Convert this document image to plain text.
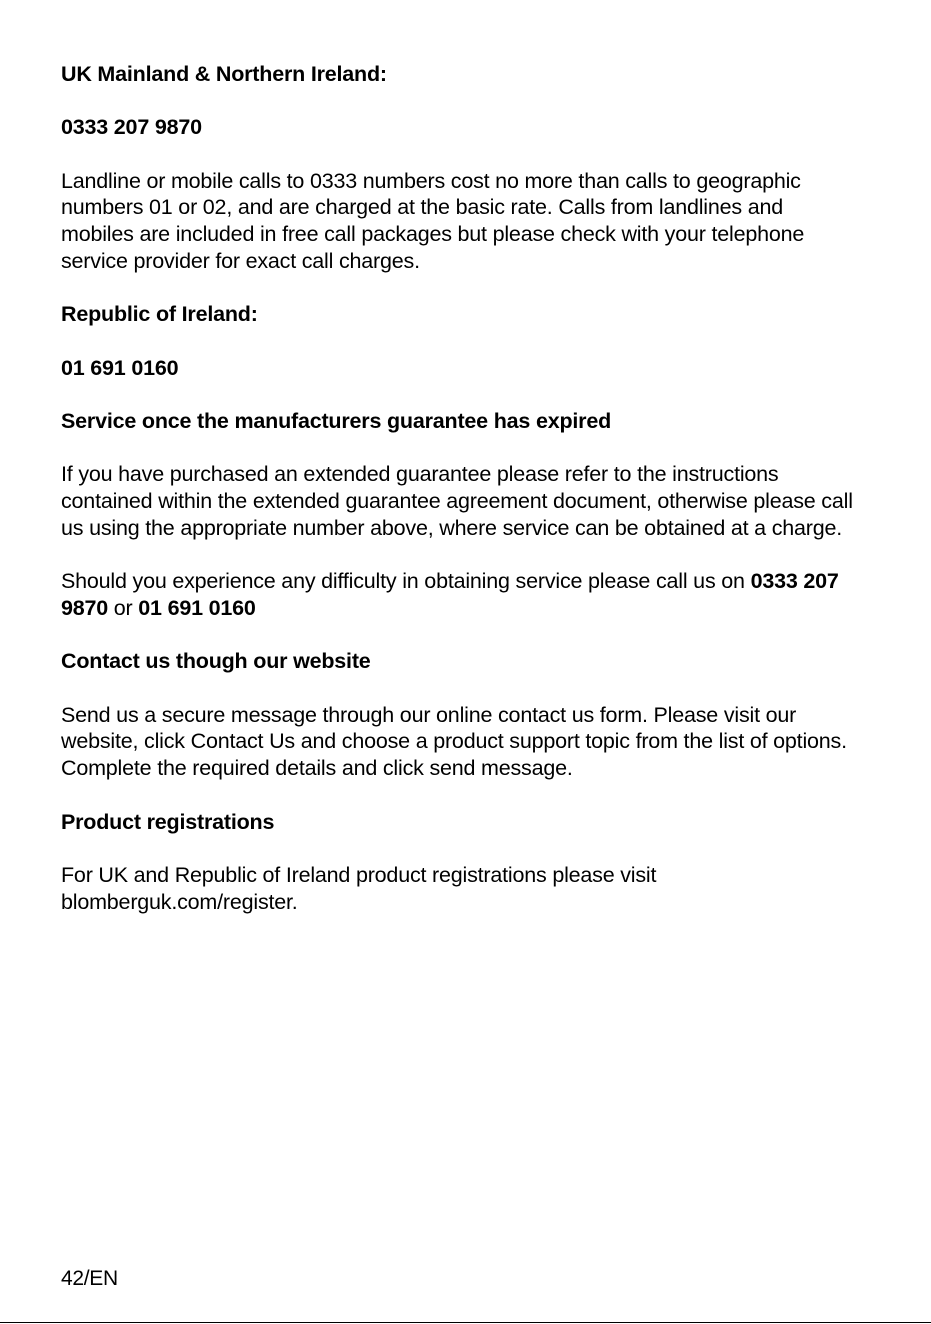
UK Mainland & Northern Ireland:

0333 207 9870

Landline or mobile calls to 0333 numbers cost no more than calls to geographic numbers 01 or 02, and are charged at the basic rate. Calls from landlines and mobiles are included in free call packages but please check with your telephone service provider for exact call charges.

Republic of Ireland:

01 691 0160

Service once the manufacturers guarantee has expired

If you have purchased an extended guarantee please refer to the instructions contained within the extended guarantee agreement document, otherwise please call us using the appropriate number above, where service can be obtained at a charge.

Should you experience any difficulty in obtaining service please call us on 0333 207 9870 or 01 691 0160

Contact us though our website

Send us a secure message through our online contact us form. Please visit our website, click Contact Us and choose a product support topic from the list of options. Complete the required details and click send message.

Product registrations

For UK and Republic of Ireland product registrations please visit blomberguk.com/register.

42/EN
